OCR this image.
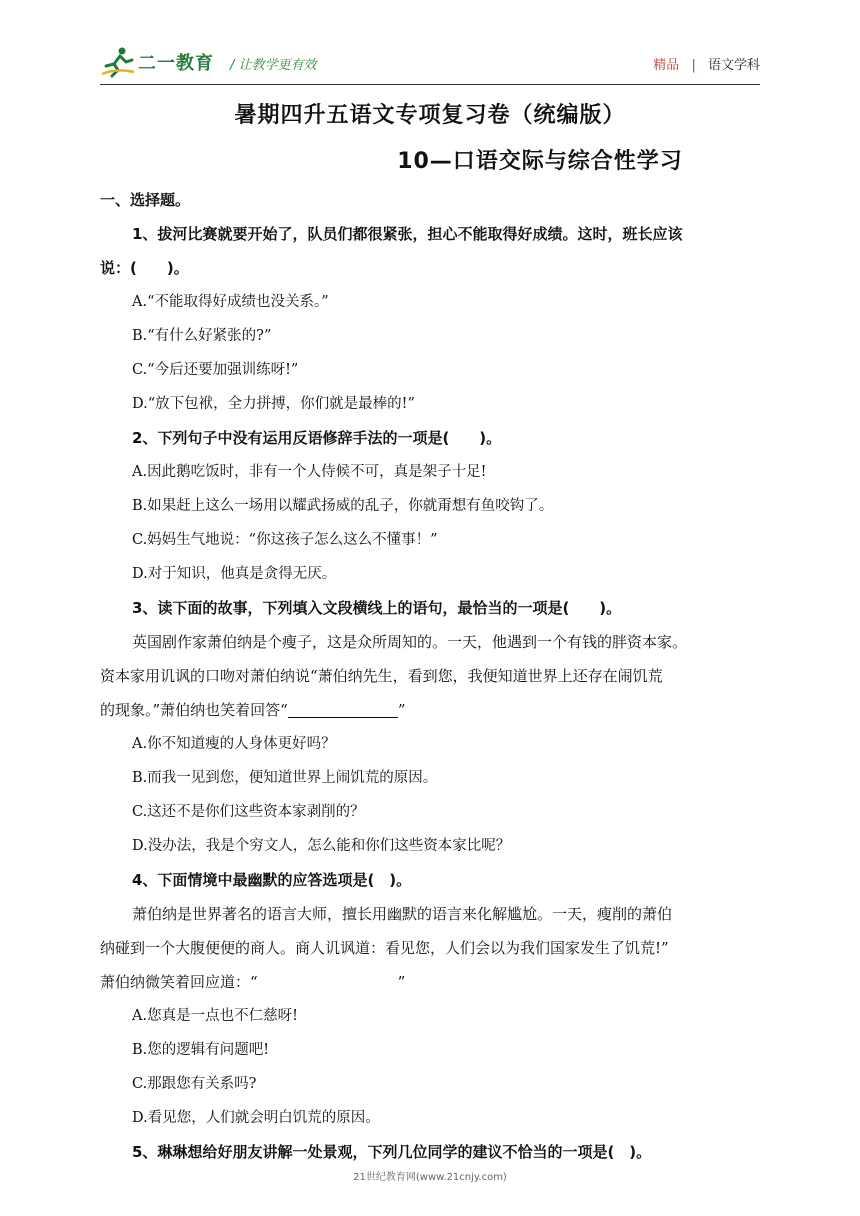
二一教育 / 让教学更有效	精品 | 语文学科
暑期四升五语文专项复习卷（统编版）
10—口语交际与综合性学习
一、选择题。
1、拔河比赛就要开始了，队员们都很紧张，担心不能取得好成绩。这时，班长应该
说：(　　)。
A.“不能取得好成绩也没关系。”
B.“有什么好紧张的?”
C.“今后还要加强训练呀!”
D.“放下包袱，全力拼搏，你们就是最棒的!”
2、下列句子中没有运用反语修辞手法的一项是(　　)。
A.因此鹅吃饭时，非有一个人侍候不可，真是架子十足!
B.如果赶上这么一场用以耀武扬威的乱子，你就甭想有鱼咬钩了。
C.妈妈生气地说：“你这孩子怎么这么不懂事！”
D.对于知识，他真是贪得无厌。
3、读下面的故事，下列填入文段横线上的语句，最恰当的一项是(　　)。
英国剧作家萧伯纳是个瘦子，这是众所周知的。一天，他遇到一个有钱的胖资本家。
资本家用讥讽的口吻对萧伯纳说“萧伯纳先生，看到您，我便知道世界上还存在闹饥荒
的现象。”萧伯纳也笑着回答“	”
A.你不知道瘦的人身体更好吗？
B.而我一见到您，便知道世界上闹饥荒的原因。
C.这还不是你们这些资本家剥削的？
D.没办法，我是个穷文人，怎么能和你们这些资本家比呢？
4、下面情境中最幽默的应答选项是(　)。
萧伯纳是世界著名的语言大师，擅长用幽默的语言来化解尴尬。一天，瘦削的萧伯
纳碰到一个大腹便便的商人。商人讥讽道：看见您，人们会以为我们国家发生了饥荒!”
萧伯纳微笑着回应道：“	”
A.您真是一点也不仁慈呀!
B.您的逻辑有问题吧!
C.那跟您有关系吗?
D.看见您，人们就会明白饥荒的原因。
5、琳琳想给好朋友讲解一处景观，下列几位同学的建议不恰当的一项是(　)。
21世纪教育网(www.21cnjy.com)
